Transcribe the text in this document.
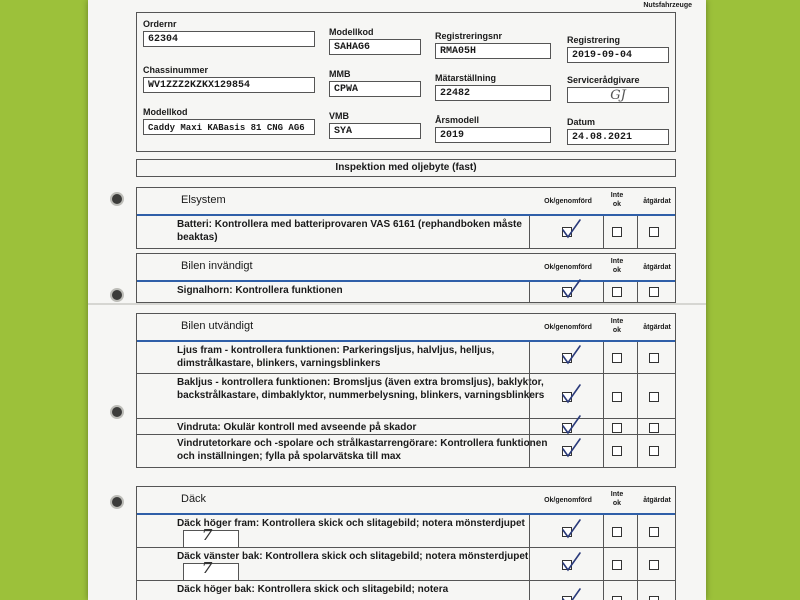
Nutsfahrzeuge
Ordernr
62304
Modellkod
SAHAG6
Registreringsnr
RMA05H
Registrering
2019-09-04
Chassinummer
WV1ZZZ2KZKX129854
MMB
CPWA
Mätarställning
22482
Servicerådgivare
GJ
Modellkod
Caddy Maxi KABasis 81 CNG AG6
VMB
SYA
Årsmodell
2019
Datum
24.08.2021
Inspektion med oljebyte (fast)
Elsystem	Ok/genomförd
Inte
ok	åtgärdat
Batteri: Kontrollera med batteriprovaren VAS 6161 (rephandboken måste beaktas)
Bilen invändigt	Ok/genomförd
Inte
ok	åtgärdat
Signalhorn: Kontrollera funktionen
Bilen utvändigt	Ok/genomförd
Inte
ok	åtgärdat
Ljus fram - kontrollera funktionen: Parkeringsljus, halvljus, helljus, dimstrålkastare, blinkers, varningsblinkers
Bakljus - kontrollera funktionen: Bromsljus (även extra bromsljus), baklyktor, backstrålkastare, dimbaklyktor, nummerbelysning, blinkers, varningsblinkers
Vindruta: Okulär kontroll med avseende på skador
Vindrutetorkare och -spolare och strålkastarrengörare: Kontrollera funktionen och inställningen; fylla på spolarvätska till max
Däck	Ok/genomförd
Inte
ok	åtgärdat
Däck höger fram: Kontrollera skick och slitagebild; notera mönsterdjupet
7
Däck vänster bak: Kontrollera skick och slitagebild; notera mönsterdjupet
7
Däck höger bak: Kontrollera skick och slitagebild; notera
